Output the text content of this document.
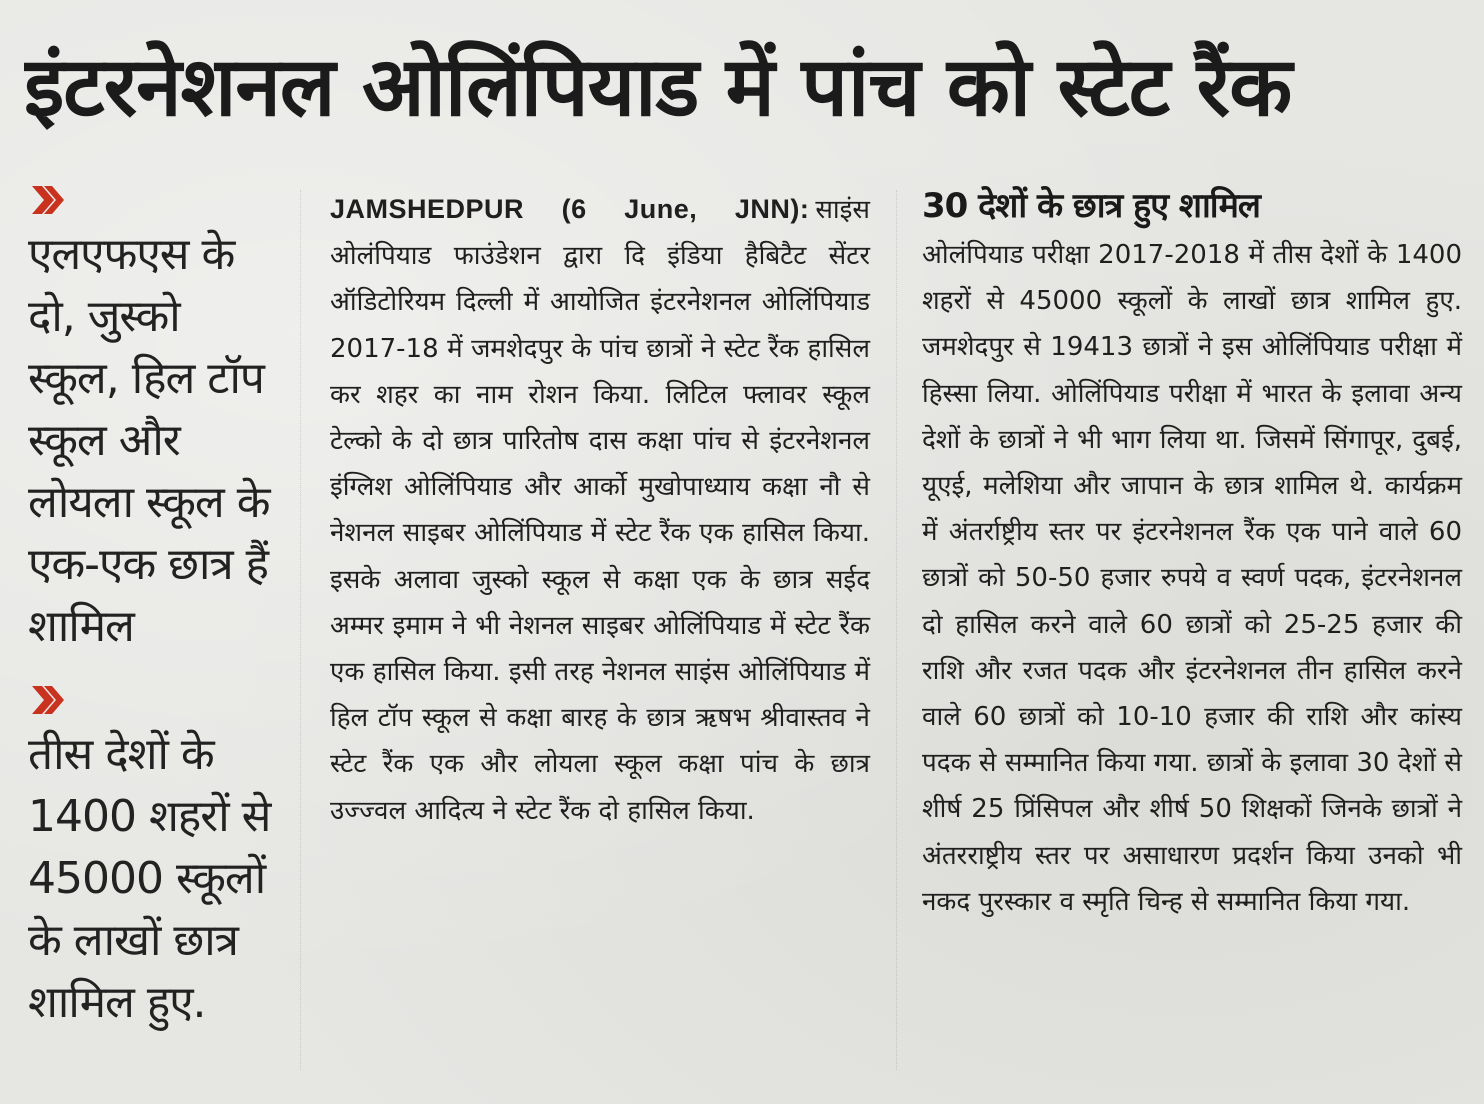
इंटरनेशनल ओलिंपियाड में पांच को स्टेट रैंक

एलएफएस के दो, जुस्को स्कूल, हिल टॉप स्कूल और लोयला स्कूल के एक-एक छात्र हैं शामिल

तीस देशों के 1400 शहरों से 45000 स्कूलों के लाखों छात्र शामिल हुए.

JAMSHEDPUR (6 June, JNN): साइंस ओलंपियाड फाउंडेशन द्वारा दि इंडिया हैबिटैट सेंटर ऑडिटोरियम दिल्ली में आयोजित इंटरनेशनल ओलिंपियाड 2017-18 में जमशेदपुर के पांच छात्रों ने स्टेट रैंक हासिल कर शहर का नाम रोशन किया. लिटिल फ्लावर स्कूल टेल्को के दो छात्र पारितोष दास कक्षा पांच से इंटरनेशनल इंग्लिश ओलिंपियाड और आर्को मुखोपाध्याय कक्षा नौ से नेशनल साइबर ओलिंपियाड में स्टेट रैंक एक हासिल किया. इसके अलावा जुस्को स्कूल से कक्षा एक के छात्र सईद अम्मर इमाम ने भी नेशनल साइबर ओलिंपियाड में स्टेट रैंक एक हासिल किया. इसी तरह नेशनल साइंस ओलिंपियाड में हिल टॉप स्कूल से कक्षा बारह के छात्र ऋषभ श्रीवास्तव ने स्टेट रैंक एक और लोयला स्कूल कक्षा पांच के छात्र उज्ज्वल आदित्य ने स्टेट रैंक दो हासिल किया.

30 देशों के छात्र हुए शामिल

ओलंपियाड परीक्षा 2017-2018 में तीस देशों के 1400 शहरों से 45000 स्कूलों के लाखों छात्र शामिल हुए. जमशेदपुर से 19413 छात्रों ने इस ओलिंपियाड परीक्षा में हिस्सा लिया. ओलिंपियाड परीक्षा में भारत के इलावा अन्य देशों के छात्रों ने भी भाग लिया था. जिसमें सिंगापूर, दुबई, यूएई, मलेशिया और जापान के छात्र शामिल थे. कार्यक्रम में अंतर्राष्ट्रीय स्तर पर इंटरनेशनल रैंक एक पाने वाले 60 छात्रों को 50-50 हजार रुपये व स्वर्ण पदक, इंटरनेशनल दो हासिल करने वाले 60 छात्रों को 25-25 हजार की राशि और रजत पदक और इंटरनेशनल तीन हासिल करने वाले 60 छात्रों को 10-10 हजार की राशि और कांस्य पदक से सम्मानित किया गया. छात्रों के इलावा 30 देशों से शीर्ष 25 प्रिंसिपल और शीर्ष 50 शिक्षकों जिनके छात्रों ने अंतरराष्ट्रीय स्तर पर असाधारण प्रदर्शन किया उनको भी नकद पुरस्कार व स्मृति चिन्ह से सम्मानित किया गया.
